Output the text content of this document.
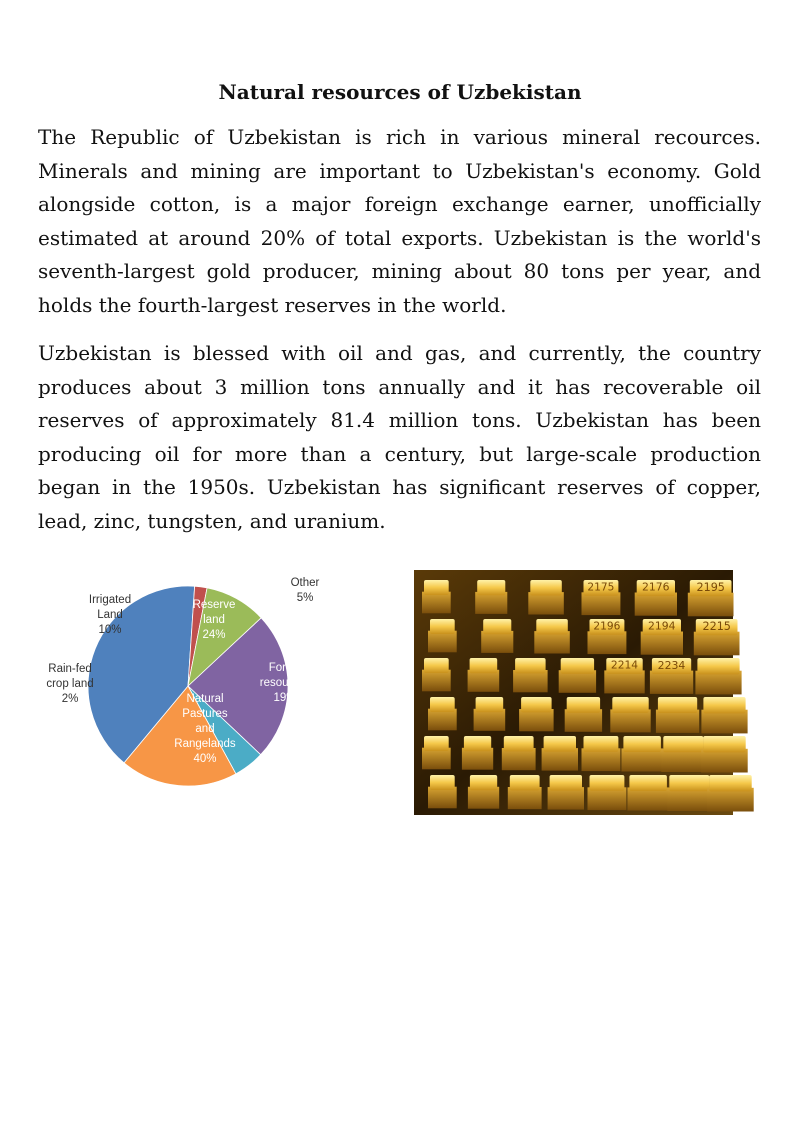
Natural resources of Uzbekistan

The Republic of Uzbekistan is rich in various mineral recources. Minerals and mining are important to Uzbekistan's economy. Gold alongside cotton, is a major foreign exchange earner, unofficially estimated at around 20% of total exports. Uzbekistan is the world's seventh-largest gold producer, mining about 80 tons per year, and holds the fourth-largest reserves in the world.

Uzbekistan is blessed with oil and gas, and currently, the country produces about 3 million tons annually and it has recoverable oil reserves of approximately 81.4 million tons. Uzbekistan has been producing oil for more than a century, but large-scale production began in the 1950s. Uzbekistan has significant reserves of copper, lead, zinc, tungsten, and uranium.

Reserve land 24%
Other 5%
Forest resources 19%
Natural Pastures and Rangelands 40%
Rain-fed crop land 2%
Irrigated Land 10%
2175	2176 2195
2196	2194 2215
2214 2234
